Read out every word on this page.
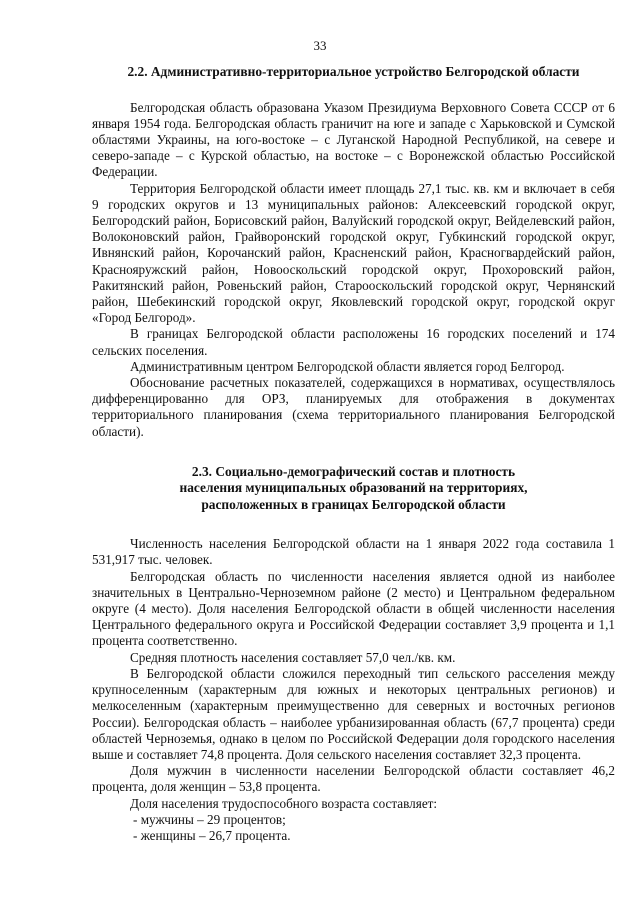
33
2.2. Административно-территориальное устройство Белгородской области

Белгородская область образована Указом Президиума Верховного Совета СССР от 6 января 1954 года. Белгородская область граничит на юге и западе с Харьковской и Сумской областями Украины, на юго-востоке – с Луганской Народной Республикой, на севере и северо-западе – с Курской областью, на востоке – с Воронежской областью Российской Федерации.

Территория Белгородской области имеет площадь 27,1 тыс. кв. км и включает в себя 9 городских округов и 13 муниципальных районов: Алексеевский городской округ, Белгородский район, Борисовский район, Валуйский городской округ, Вейделевский район, Волоконовский район, Грайворонский городской округ, Губкинский городской округ, Ивнянский район, Корочанский район, Красненский район, Красногвардейский район, Краснояружский район, Новооскольский городской округ, Прохоровский район, Ракитянский район, Ровеньский район, Старооскольский городской округ, Чернянский район, Шебекинский городской округ, Яковлевский городской округ, городской округ «Город Белгород».

В границах Белгородской области расположены 16 городских поселений и 174 сельских поселения.

Административным центром Белгородской области является город Белгород.

Обоснование расчетных показателей, содержащихся в нормативах, осуществлялось дифференцированно для ОРЗ, планируемых для отображения в документах территориального планирования (схема территориального планирования Белгородской области).

2.3. Социально-демографический состав и плотность
населения муниципальных образований на территориях,
расположенных в границах Белгородской области

Численность населения Белгородской области на 1 января 2022 года составила 1 531,917 тыс. человек.

Белгородская область по численности населения является одной из наиболее значительных в Центрально-Черноземном районе (2 место) и Центральном федеральном округе (4 место). Доля населения Белгородской области в общей численности населения Центрального федерального округа и Российской Федерации составляет 3,9 процента и 1,1 процента соответственно.

Средняя плотность населения составляет 57,0 чел./кв. км.

В Белгородской области сложился переходный тип сельского расселения между крупноселенным (характерным для южных и некоторых центральных регионов) и мелкоселенным (характерным преимущественно для северных и восточных регионов России). Белгородская область – наиболее урбанизированная область (67,7 процента) среди областей Черноземья, однако в целом по Российской Федерации доля городского населения выше и составляет 74,8 процента. Доля сельского населения составляет 32,3 процента.

Доля мужчин в численности населении Белгородской области составляет 46,2 процента, доля женщин – 53,8 процента.

Доля населения трудоспособного возраста составляет:

- мужчины – 29 процентов;

- женщины – 26,7 процента.
